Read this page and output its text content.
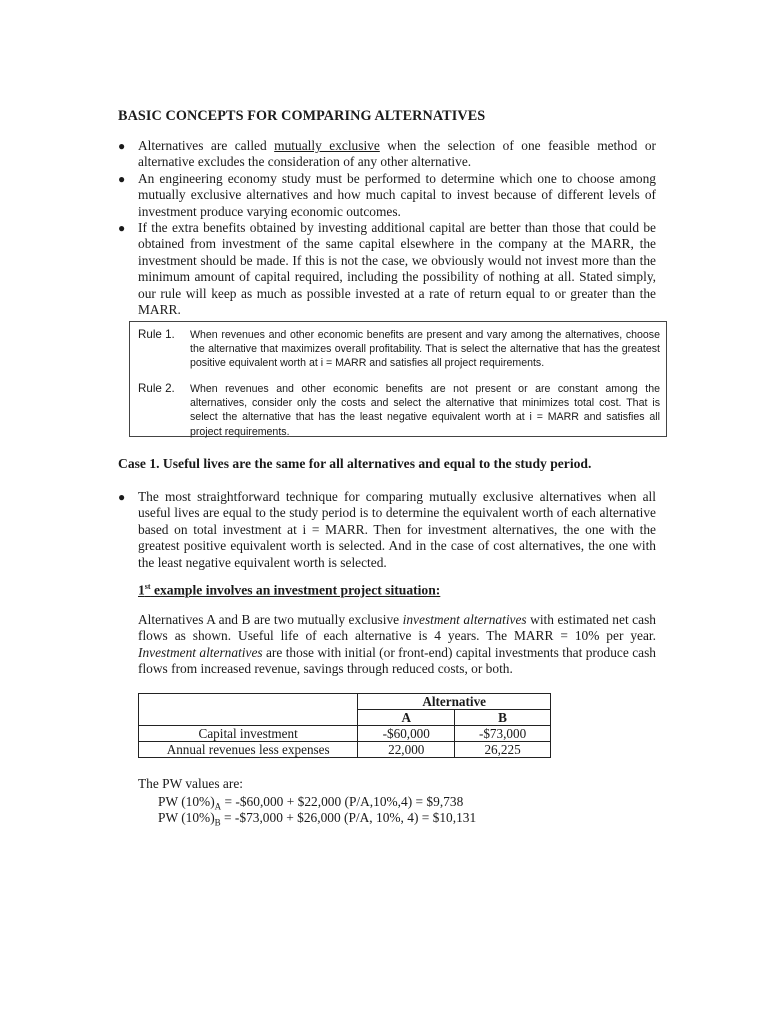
BASIC CONCEPTS FOR COMPARING ALTERNATIVES
● Alternatives are called mutually exclusive when the selection of one feasible method or alternative excludes the consideration of any other alternative.
● An engineering economy study must be performed to determine which one to choose among mutually exclusive alternatives and how much capital to invest because of different levels of investment produce varying economic outcomes.
● If the extra benefits obtained by investing additional capital are better than those that could be obtained from investment of the same capital elsewhere in the company at the MARR, the investment should be made. If this is not the case, we obviously would not invest more than the minimum amount of capital required, including the possibility of nothing at all. Stated simply, our rule will keep as much as possible invested at a rate of return equal to or greater than the MARR.
Rule 1. When revenues and other economic benefits are present and vary among the alternatives, choose the alternative that maximizes overall profitability. That is select the alternative that has the greatest positive equivalent worth at i = MARR and satisfies all project requirements.
Rule 2. When revenues and other economic benefits are not present or are constant among the alternatives, consider only the costs and select the alternative that minimizes total cost. That is select the alternative that has the least negative equivalent worth at i = MARR and satisfies all project requirements.
Case 1. Useful lives are the same for all alternatives and equal to the study period.
● The most straightforward technique for comparing mutually exclusive alternatives when all useful lives are equal to the study period is to determine the equivalent worth of each alternative based on total investment at i = MARR. Then for investment alternatives, the one with the greatest positive equivalent worth is selected. And in the case of cost alternatives, the one with the least negative equivalent worth is selected.
1st example involves an investment project situation:
Alternatives A and B are two mutually exclusive investment alternatives with estimated net cash flows as shown. Useful life of each alternative is 4 years. The MARR = 10% per year. Investment alternatives are those with initial (or front-end) capital investments that produce cash flows from increased revenue, savings through reduced costs, or both.
	Alternative	
	A	B
Capital investment	-$60,000	-$73,000
Annual revenues less expenses	22,000	26,225
The PW values are:
PW $(10\%)_A$ = -$60,000 + $22,000 (P/A,10%,4) = $9,738
PW $(10\%)_B$ = -$73,000 + $26,000 (P/A, 10%, 4) = $10,131
